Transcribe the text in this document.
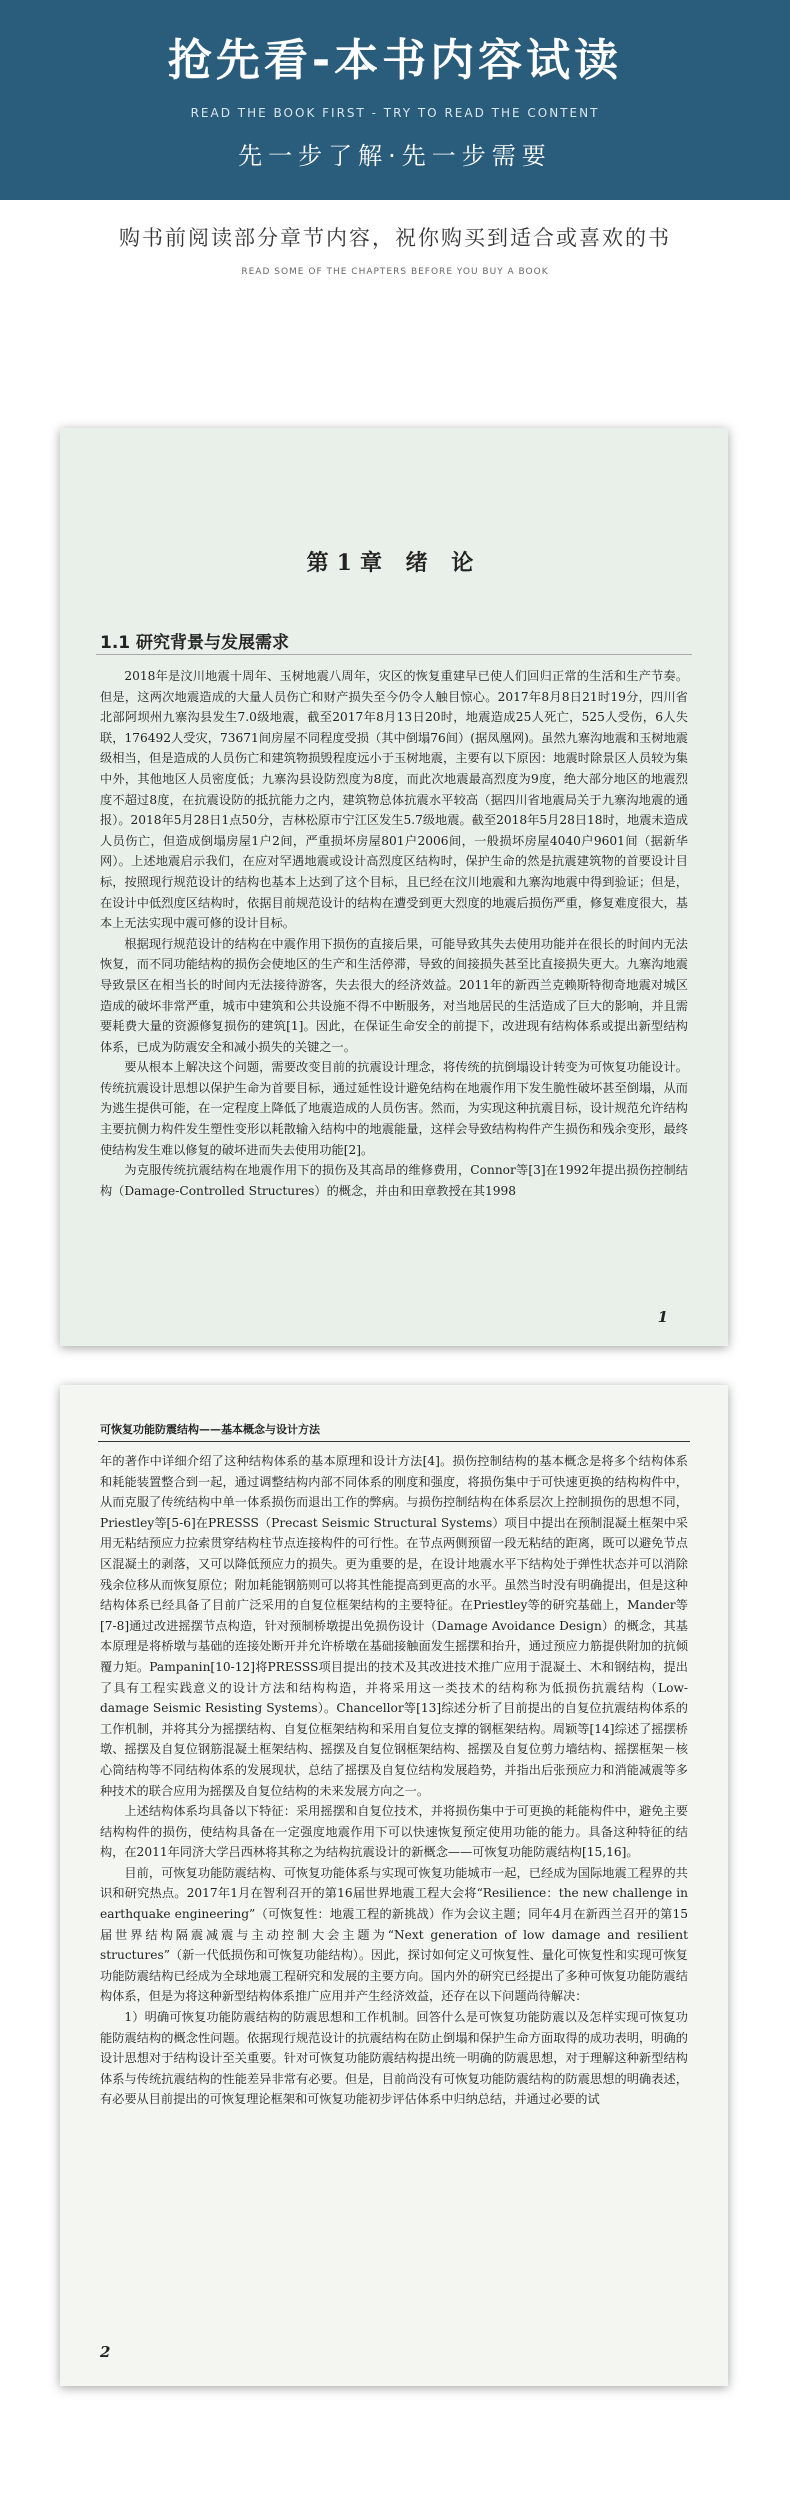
抢先看-本书内容试读
READ THE BOOK FIRST - TRY TO READ THE CONTENT
先一步了解·先一步需要
购书前阅读部分章节内容，祝你购买到适合或喜欢的书
READ SOME OF THE CHAPTERS BEFORE YOU BUY A BOOK
第1章 绪 论
1.1 研究背景与发展需求

2018年是汶川地震十周年、玉树地震八周年，灾区的恢复重建早已使人们回归正常的生活和生产节奏。但是，这两次地震造成的大量人员伤亡和财产损失至今仍令人触目惊心。2017年8月8日21时19分，四川省北部阿坝州九寨沟县发生7.0级地震，截至2017年8月13日20时，地震造成25人死亡，525人受伤，6人失联，176492人受灾，73671间房屋不同程度受损（其中倒塌76间）(据凤凰网)。虽然九寨沟地震和玉树地震级相当，但是造成的人员伤亡和建筑物损毁程度远小于玉树地震，主要有以下原因：地震时除景区人员较为集中外，其他地区人员密度低；九寨沟县设防烈度为8度，而此次地震最高烈度为9度，绝大部分地区的地震烈度不超过8度，在抗震设防的抵抗能力之内，建筑物总体抗震水平较高（据四川省地震局关于九寨沟地震的通报）。2018年5月28日1点50分，吉林松原市宁江区发生5.7级地震。截至2018年5月28日18时，地震未造成人员伤亡，但造成倒塌房屋1户2间，严重损坏房屋801户2006间，一般损坏房屋4040户9601间（据新华网）。上述地震启示我们，在应对罕遇地震或设计高烈度区结构时，保护生命的然是抗震建筑物的首要设计目标，按照现行规范设计的结构也基本上达到了这个目标，且已经在汶川地震和九寨沟地震中得到验证；但是，在设计中低烈度区结构时，依据目前规范设计的结构在遭受到更大烈度的地震后损伤严重，修复难度很大，基本上无法实现中震可修的设计目标。

根据现行规范设计的结构在中震作用下损伤的直接后果，可能导致其失去使用功能并在很长的时间内无法恢复，而不同功能结构的损伤会使地区的生产和生活停滞，导致的间接损失甚至比直接损失更大。九寨沟地震导致景区在相当长的时间内无法接待游客，失去很大的经济效益。2011年的新西兰克赖斯特彻奇地震对城区造成的破坏非常严重，城市中建筑和公共设施不得不中断服务，对当地居民的生活造成了巨大的影响，并且需要耗费大量的资源修复损伤的建筑[1]。因此，在保证生命安全的前提下，改进现有结构体系或提出新型结构体系，已成为防震安全和减小损失的关键之一。

要从根本上解决这个问题，需要改变目前的抗震设计理念，将传统的抗倒塌设计转变为可恢复功能设计。传统抗震设计思想以保护生命为首要目标，通过延性设计避免结构在地震作用下发生脆性破坏甚至倒塌，从而为逃生提供可能，在一定程度上降低了地震造成的人员伤害。然而，为实现这种抗震目标，设计规范允许结构主要抗侧力构件发生塑性变形以耗散输入结构中的地震能量，这样会导致结构构件产生损伤和残余变形，最终使结构发生难以修复的破坏进而失去使用功能[2]。

为克服传统抗震结构在地震作用下的损伤及其高昂的维修费用，Connor等[3]在1992年提出损伤控制结构（Damage-Controlled Structures）的概念，并由和田章教授在其1998

1
可恢复功能防震结构——基本概念与设计方法

年的著作中详细介绍了这种结构体系的基本原理和设计方法[4]。损伤控制结构的基本概念是将多个结构体系和耗能装置整合到一起，通过调整结构内部不同体系的刚度和强度，将损伤集中于可快速更换的结构构件中，从而克服了传统结构中单一体系损伤而退出工作的弊病。与损伤控制结构在体系层次上控制损伤的思想不同，Priestley等[5-6]在PRESSS（Precast Seismic Structural Systems）项目中提出在预制混凝土框架中采用无粘结预应力拉索贯穿结构柱节点连接构件的可行性。在节点两侧预留一段无粘结的距离，既可以避免节点区混凝土的剥落，又可以降低预应力的损失。更为重要的是，在设计地震水平下结构处于弹性状态并可以消除残余位移从而恢复原位；附加耗能钢筋则可以将其性能提高到更高的水平。虽然当时没有明确提出，但是这种结构体系已经具备了目前广泛采用的自复位框架结构的主要特征。在Priestley等的研究基础上，Mander等[7-8]通过改进摇摆节点构造，针对预制桥墩提出免损伤设计（Damage Avoidance Design）的概念，其基本原理是将桥墩与基础的连接处断开并允许桥墩在基础接触面发生摇摆和抬升，通过预应力筋提供附加的抗倾覆力矩。Pampanin[10-12]将PRESSS项目提出的技术及其改进技术推广应用于混凝土、木和钢结构，提出了具有工程实践意义的设计方法和结构构造，并将采用这一类技术的结构称为低损伤抗震结构（Low-damage Seismic Resisting Systems）。Chancellor等[13]综述分析了目前提出的自复位抗震结构体系的工作机制，并将其分为摇摆结构、自复位框架结构和采用自复位支撑的钢框架结构。周颖等[14]综述了摇摆桥墩、摇摆及自复位钢筋混凝土框架结构、摇摆及自复位钢框架结构、摇摆及自复位剪力墙结构、摇摆框架－核心筒结构等不同结构体系的发展现状，总结了摇摆及自复位结构发展趋势，并指出后张预应力和消能减震等多种技术的联合应用为摇摆及自复位结构的未来发展方向之一。

上述结构体系均具备以下特征：采用摇摆和自复位技术，并将损伤集中于可更换的耗能构件中，避免主要结构构件的损伤，使结构具备在一定强度地震作用下可以快速恢复预定使用功能的能力。具备这种特征的结构，在2011年同济大学吕西林将其称之为结构抗震设计的新概念——可恢复功能防震结构[15,16]。

目前，可恢复功能防震结构、可恢复功能体系与实现可恢复功能城市一起，已经成为国际地震工程界的共识和研究热点。2017年1月在智利召开的第16届世界地震工程大会将“Resilience：the new challenge in earthquake engineering”（可恢复性：地震工程的新挑战）作为会议主题；同年4月在新西兰召开的第15届世界结构隔震减震与主动控制大会主题为“Next generation of low damage and resilient structures”（新一代低损伤和可恢复功能结构）。因此，探讨如何定义可恢复性、量化可恢复性和实现可恢复功能防震结构已经成为全球地震工程研究和发展的主要方向。国内外的研究已经提出了多种可恢复功能防震结构体系，但是为将这种新型结构体系推广应用并产生经济效益，还存在以下问题尚待解决：

1）明确可恢复功能防震结构的防震思想和工作机制。回答什么是可恢复功能防震以及怎样实现可恢复功能防震结构的概念性问题。依据现行规范设计的抗震结构在防止倒塌和保护生命方面取得的成功表明，明确的设计思想对于结构设计至关重要。针对可恢复功能防震结构提出统一明确的防震思想，对于理解这种新型结构体系与传统抗震结构的性能差异非常有必要。但是，目前尚没有可恢复功能防震结构的防震思想的明确表述，有必要从目前提出的可恢复理论框架和可恢复功能初步评估体系中归纳总结，并通过必要的试

2
